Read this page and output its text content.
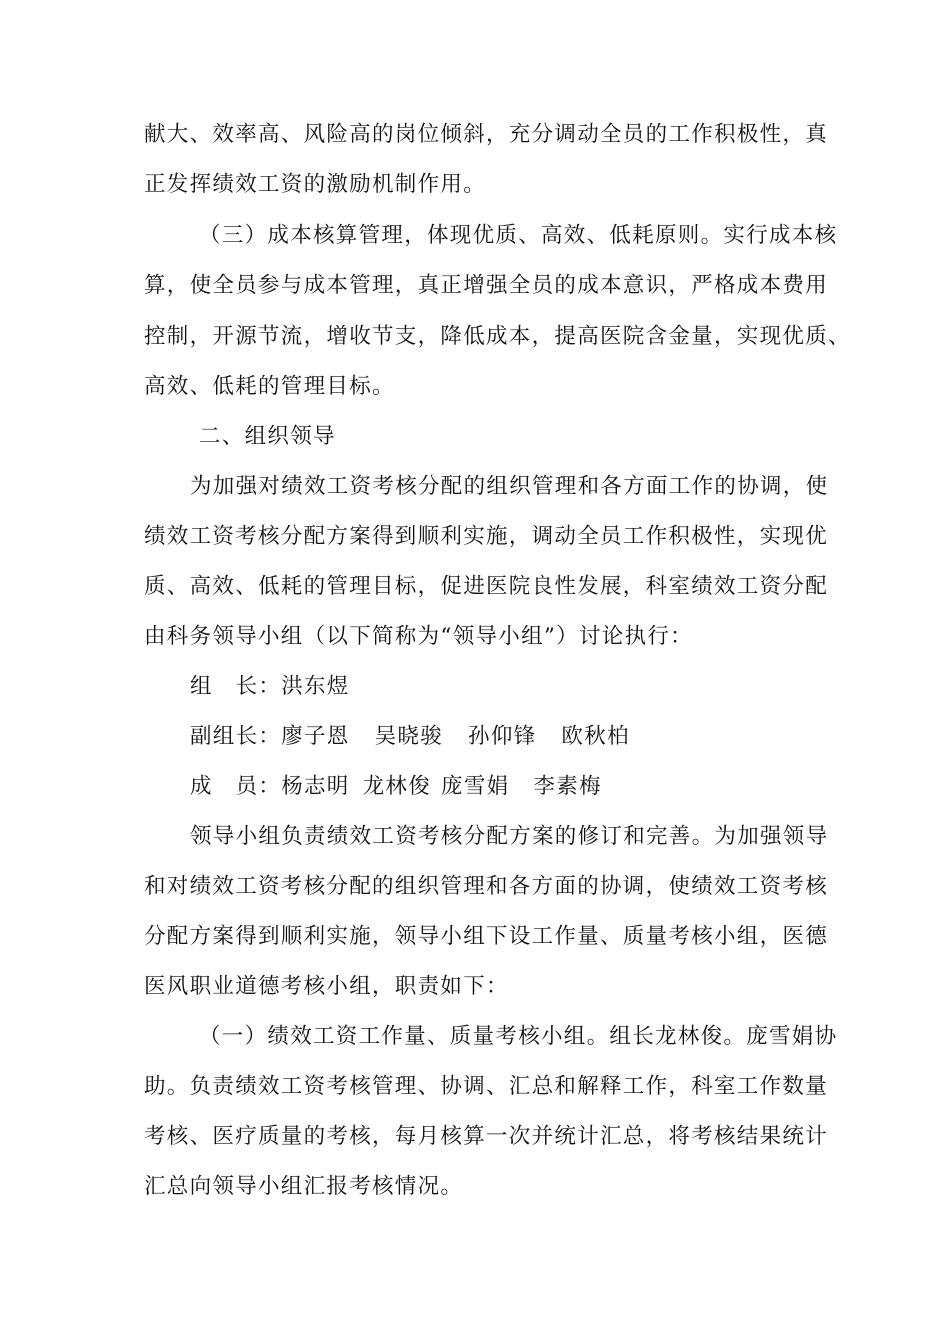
献大、效率高、风险高的岗位倾斜，充分调动全员的工作积极性，真
正发挥绩效工资的激励机制作用。
（三）成本核算管理，体现优质、高效、低耗原则。实行成本核
算，使全员参与成本管理，真正增强全员的成本意识，严格成本费用
控制，开源节流，增收节支，降低成本，提高医院含金量，实现优质、
高效、低耗的管理目标。
二、组织领导
为加强对绩效工资考核分配的组织管理和各方面工作的协调，使
绩效工资考核分配方案得到顺利实施，调动全员工作积极性，实现优
质、高效、低耗的管理目标，促进医院良性发展，科室绩效工资分配
由科务领导小组（以下简称为“领导小组”）讨论执行：
组　长：洪东煜
副组长：廖子恩 吴晓骏 孙仰锋 欧秋柏
成　员：杨志明 龙林俊 庞雪娟 李素梅
领导小组负责绩效工资考核分配方案的修订和完善。为加强领导
和对绩效工资考核分配的组织管理和各方面的协调，使绩效工资考核
分配方案得到顺利实施，领导小组下设工作量、质量考核小组，医德
医风职业道德考核小组，职责如下：
（一）绩效工资工作量、质量考核小组。组长龙林俊。庞雪娟协
助。负责绩效工资考核管理、协调、汇总和解释工作，科室工作数量
考核、医疗质量的考核，每月核算一次并统计汇总，将考核结果统计
汇总向领导小组汇报考核情况。
